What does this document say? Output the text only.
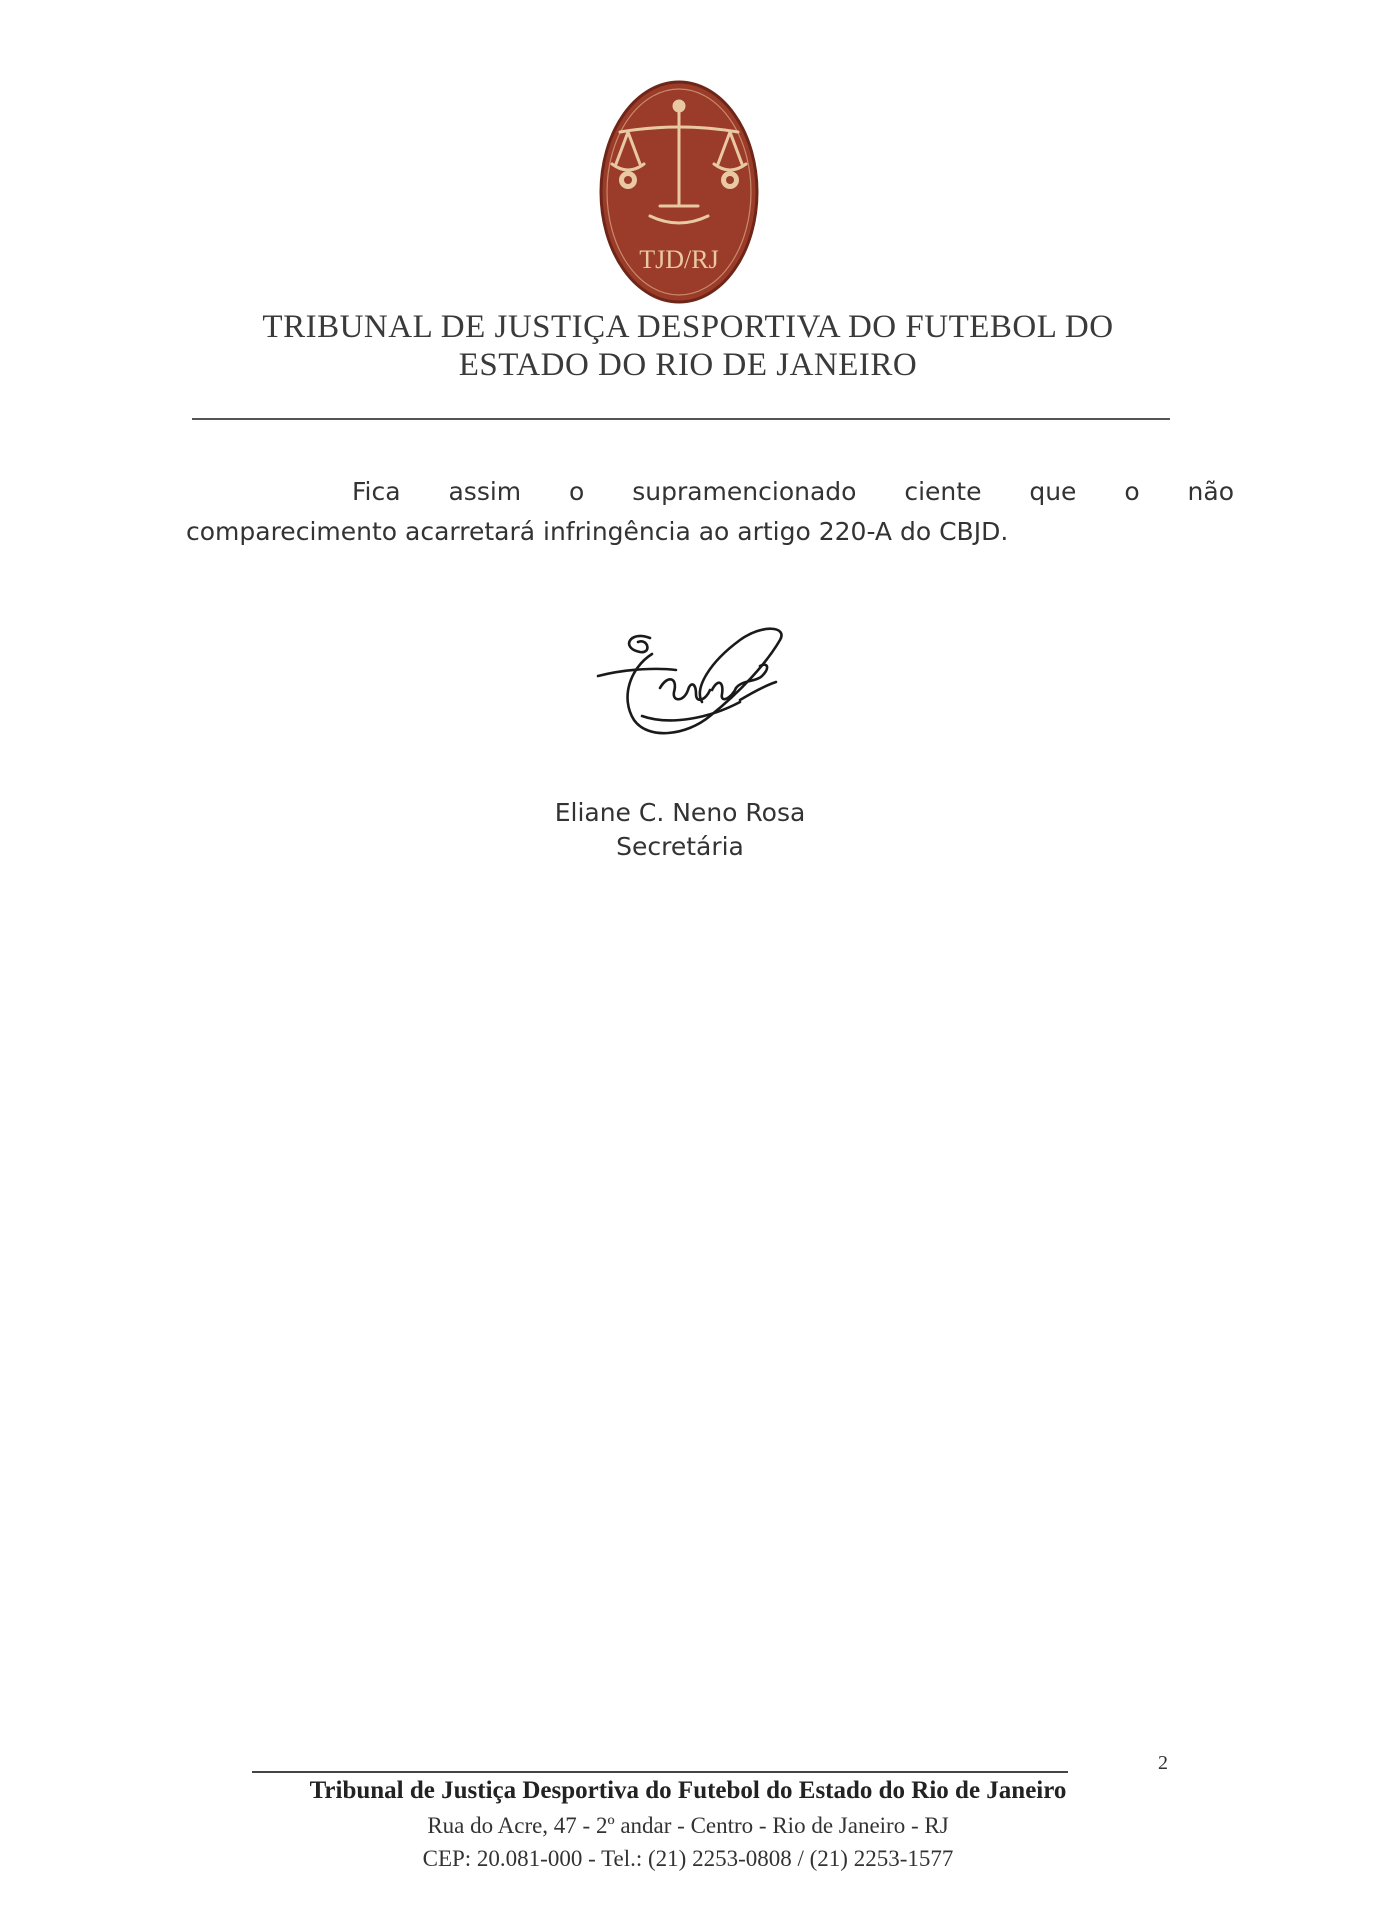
TJD/RJ
TRIBUNAL DE JUSTIÇA DESPORTIVA DO FUTEBOL DO
ESTADO DO RIO DE JANEIRO
Fica assim o supramencionado ciente que o não
comparecimento acarretará infringência ao artigo 220-A do CBJD.
Eliane C. Neno Rosa
Secretária
2
Tribunal de Justiça Desportiva do Futebol do Estado do Rio de Janeiro
Rua do Acre, 47 - 2º andar - Centro - Rio de Janeiro - RJ
CEP: 20.081-000 - Tel.: (21) 2253-0808 / (21) 2253-1577
